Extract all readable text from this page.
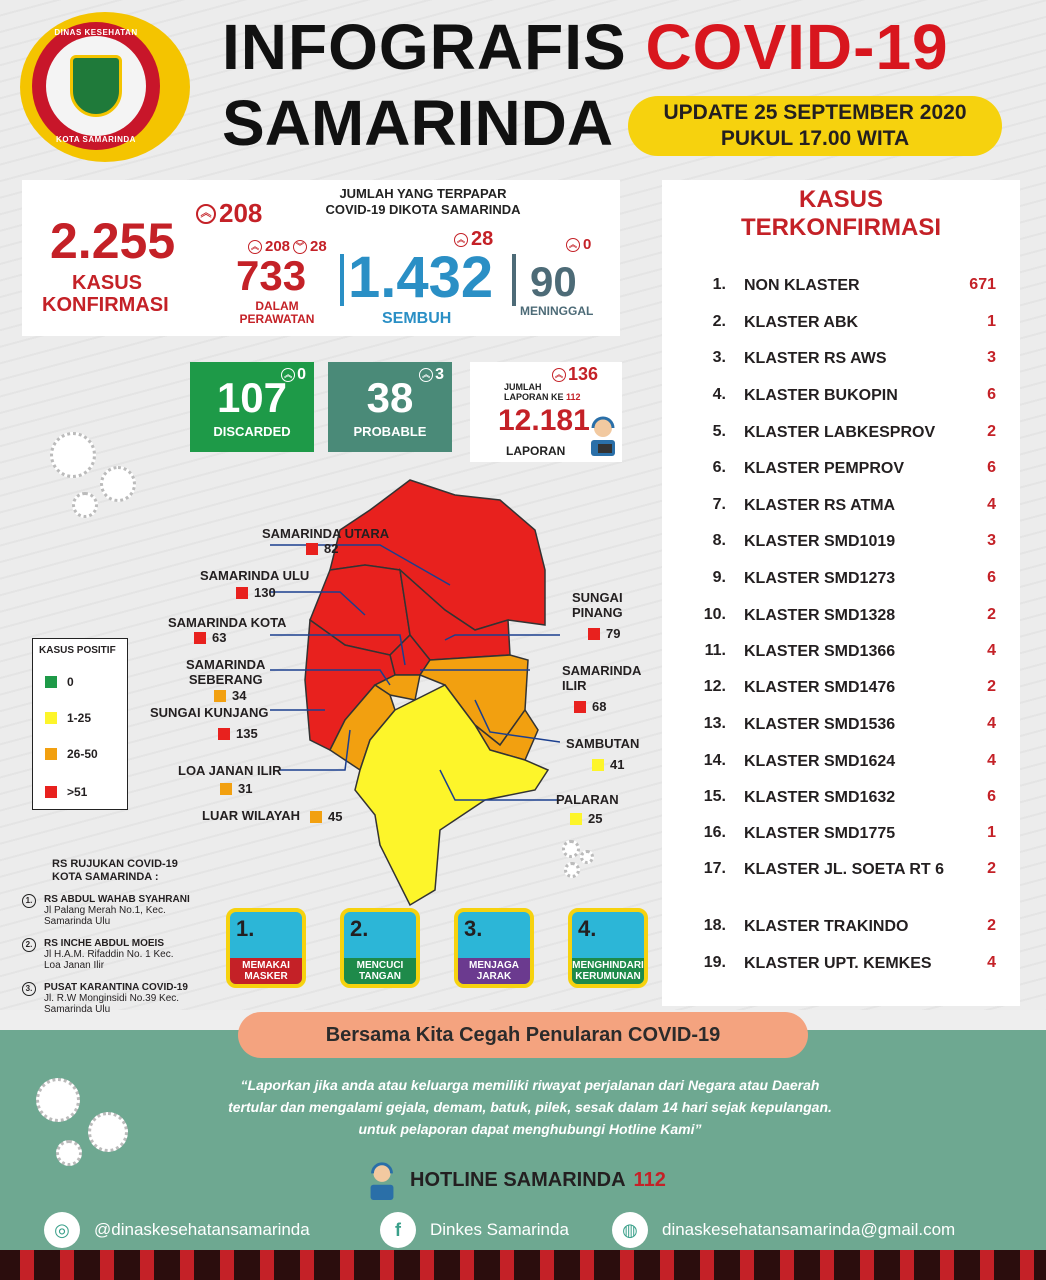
DINAS KESEHATAN
KOTA SAMARINDA
INFOGRAFIS COVID-19
SAMARINDA	UPDATE 25 SEPTEMBER 2020
PUKUL 17.00 WITA
2.255
KASUS
KONFIRMASI
︽ 208
JUMLAH YANG TERPAPAR
COVID-19 DIKOTA SAMARINDA
︽ 208 ︾ 28
733
DALAM
PERAWATAN
︽ 28
1.432
SEMBUH
︽ 0
90
MENINGGAL
︽ 0
107
DISCARDED
︽ 3
38
PROBABLE
︽ 136
JUMLAH
LAPORAN KE 112
12.181
LAPORAN
SAMARINDA UTARA
82
SAMARINDA ULU
130
SAMARINDA KOTA
63
SAMARINDA
SEBERANG
34
SUNGAI KUNJANG
135
LOA JANAN ILIR
31
LUAR WILAYAH 45
SUNGAI
PINANG
79
SAMARINDA
ILIR
68
SAMBUTAN
41
PALARAN
25
KASUS POSITIF
0
1-25
26-50
>51
RS RUJUKAN COVID-19
KOTA SAMARINDA :
1.	RS ABDUL WAHAB SYAHRANI
Jl Palang Merah No.1, Kec.
Samarinda Ulu
2.	RS INCHE ABDUL MOEIS
Jl H.A.M. Rifaddin No. 1 Kec.
Loa Janan Ilir
3.	PUSAT KARANTINA COVID-19
Jl. R.W Monginsidi No.39 Kec.
Samarinda Ulu
1.
MEMAKAI
MASKER
2.
MENCUCI
TANGAN
3.
MENJAGA
JARAK
4.
MENGHINDARI
KERUMUNAN
KASUS
TERKONFIRMASI
1. NON KLASTER	671
2. KLASTER ABK	1
3. KLASTER RS AWS	3
4. KLASTER BUKOPIN	6
5. KLASTER LABKESPROV	2
6. KLASTER PEMPROV	6
7. KLASTER RS ATMA	4
8. KLASTER SMD1019	3
9. KLASTER SMD1273	6
10. KLASTER SMD1328	2
11. KLASTER SMD1366	4
12. KLASTER SMD1476	2
13. KLASTER SMD1536	4
14. KLASTER SMD1624	4
15. KLASTER SMD1632	6
16. KLASTER SMD1775	1
17. KLASTER JL. SOETA RT 6	2
18. KLASTER TRAKINDO	2
19. KLASTER UPT. KEMKES	4
Bersama Kita Cegah Penularan COVID-19
“Laporkan jika anda atau keluarga memiliki riwayat perjalanan dari Negara atau Daerah
tertular dan mengalami gejala, demam, batuk, pilek, sesak dalam 14 hari sejak kepulangan.
untuk pelaporan dapat menghubungi Hotline Kami”
HOTLINE SAMARINDA 112
◎	@dinaskesehatansamarinda	f	Dinkes Samarinda	◍	dinaskesehatansamarinda@gmail.com
